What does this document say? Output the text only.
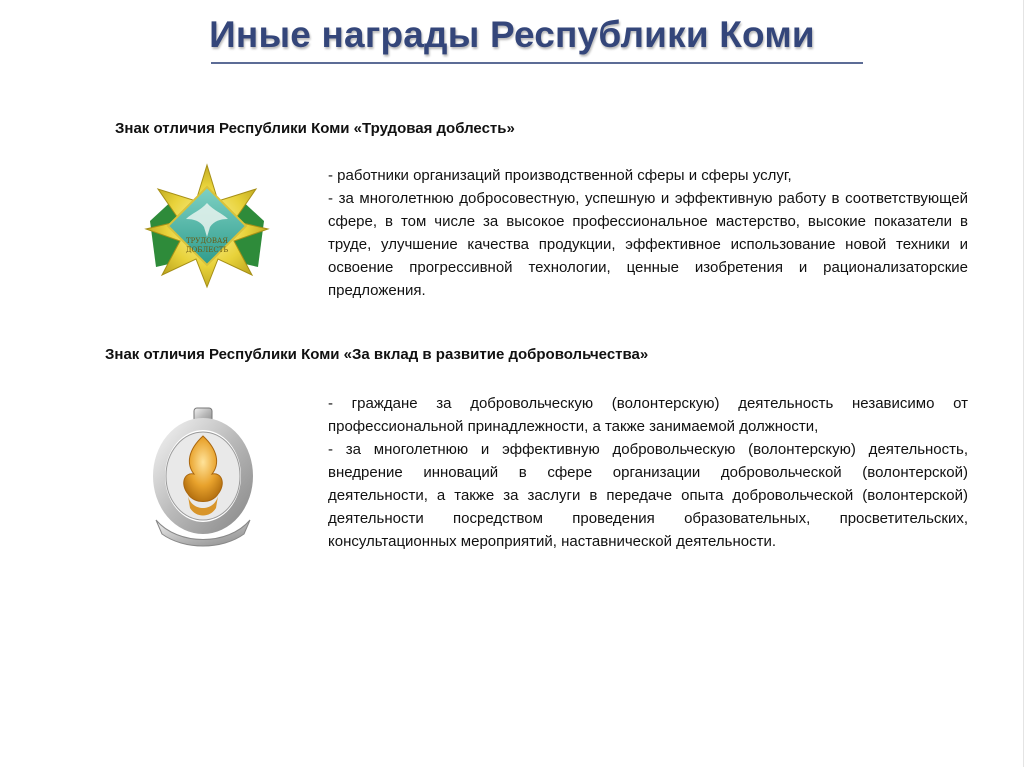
Иные награды Республики Коми
Знак отличия Республики Коми «Трудовая доблесть»
ТРУДОВАЯ
ДОБЛЕСТЬ

- работники организаций производственной сферы и сферы услуг,

- за многолетнюю добросовестную, успешную и эффективную работу в соответствующей сфере, в том числе за высокое профессиональное мастерство, высокие показатели в труде, улучшение качества продукции, эффективное использование новой техники и освоение прогрессивной технологии, ценные изобретения и рационализаторские предложения.

Знак отличия Республики Коми «За вклад в развитие добровольчества»

- граждане за добровольческую (волонтерскую) деятельность независимо от профессиональной принадлежности, а также занимаемой должности,

- за многолетнюю и эффективную добровольческую (волонтерскую) деятельность, внедрение инноваций в сфере организации добровольческой (волонтерской) деятельности, а также за заслуги в передаче опыта добровольческой (волонтерской) деятельности посредством проведения образовательных, просветительских, консультационных мероприятий, наставнической деятельности.
